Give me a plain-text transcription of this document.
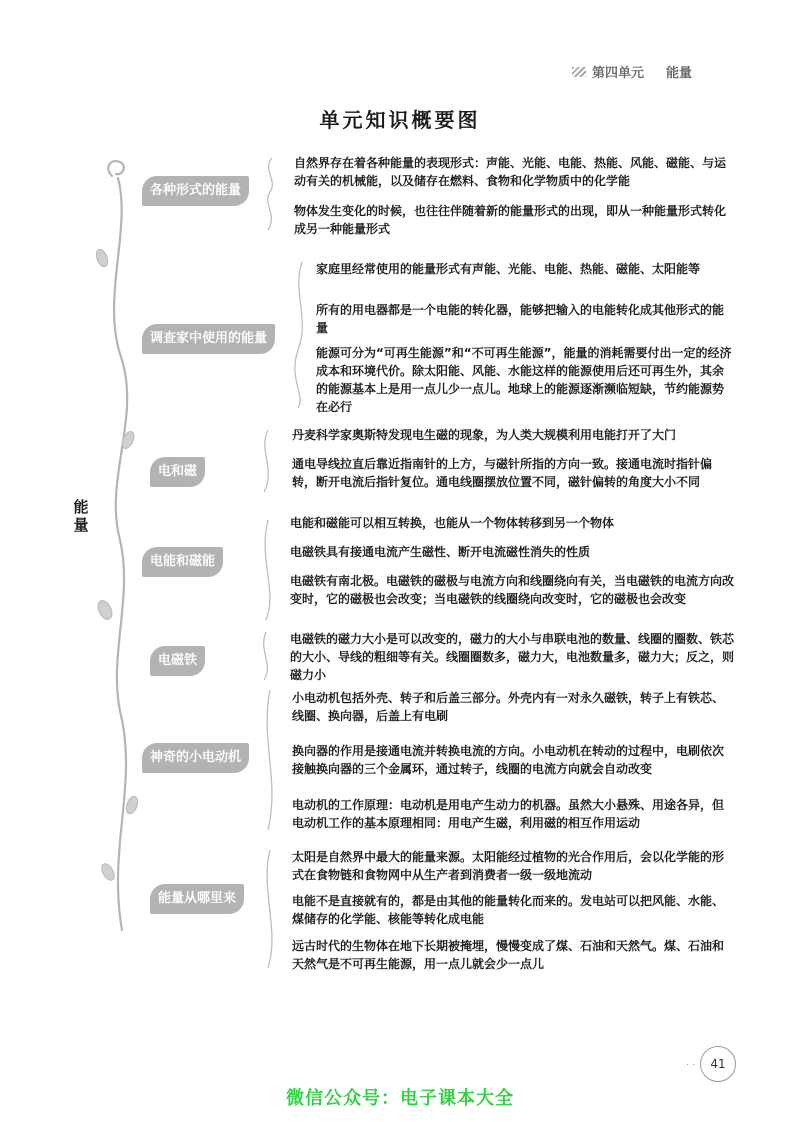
第四单元 能量
单元知识概要图
能量
各种形式的能量
自然界存在着各种能量的表现形式：声能、光能、电能、热能、风能、磁能、与运动有关的机械能，以及储存在燃料、食物和化学物质中的化学能
物体发生变化的时候，也往往伴随着新的能量形式的出现，即从一种能量形式转化成另一种能量形式
调查家中使用的能量
家庭里经常使用的能量形式有声能、光能、电能、热能、磁能、太阳能等
所有的用电器都是一个电能的转化器，能够把输入的电能转化成其他形式的能量
能源可分为“可再生能源”和“不可再生能源”，能量的消耗需要付出一定的经济成本和环境代价。除太阳能、风能、水能这样的能源使用后还可再生外，其余的能源基本上是用一点儿少一点儿。地球上的能源逐渐濒临短缺，节约能源势在必行
电和磁
丹麦科学家奥斯特发现电生磁的现象，为人类大规模利用电能打开了大门
通电导线拉直后靠近指南针的上方，与磁针所指的方向一致。接通电流时指针偏转，断开电流后指针复位。通电线圈摆放位置不同，磁针偏转的角度大小不同
电能和磁能
电能和磁能可以相互转换，也能从一个物体转移到另一个物体
电磁铁具有接通电流产生磁性、断开电流磁性消失的性质
电磁铁有南北极。电磁铁的磁极与电流方向和线圈绕向有关，当电磁铁的电流方向改变时，它的磁极也会改变；当电磁铁的线圈绕向改变时，它的磁极也会改变
电磁铁
电磁铁的磁力大小是可以改变的，磁力的大小与串联电池的数量、线圈的圈数、铁芯的大小、导线的粗细等有关。线圈圈数多，磁力大，电池数量多，磁力大；反之，则磁力小
神奇的小电动机
小电动机包括外壳、转子和后盖三部分。外壳内有一对永久磁铁，转子上有铁芯、线圈、换向器，后盖上有电刷
换向器的作用是接通电流并转换电流的方向。小电动机在转动的过程中，电刷依次接触换向器的三个金属环，通过转子，线圈的电流方向就会自动改变
电动机的工作原理：电动机是用电产生动力的机器。虽然大小悬殊、用途各异，但电动机工作的基本原理相同：用电产生磁，利用磁的相互作用运动
能量从哪里来
太阳是自然界中最大的能量来源。太阳能经过植物的光合作用后，会以化学能的形式在食物链和食物网中从生产者到消费者一级一级地流动
电能不是直接就有的，都是由其他的能量转化而来的。发电站可以把风能、水能、煤储存的化学能、核能等转化成电能
远古时代的生物体在地下长期被掩埋，慢慢变成了煤、石油和天然气。煤、石油和天然气是不可再生能源，用一点儿就会少一点儿
· ·	41
微信公众号：电子课本大全
